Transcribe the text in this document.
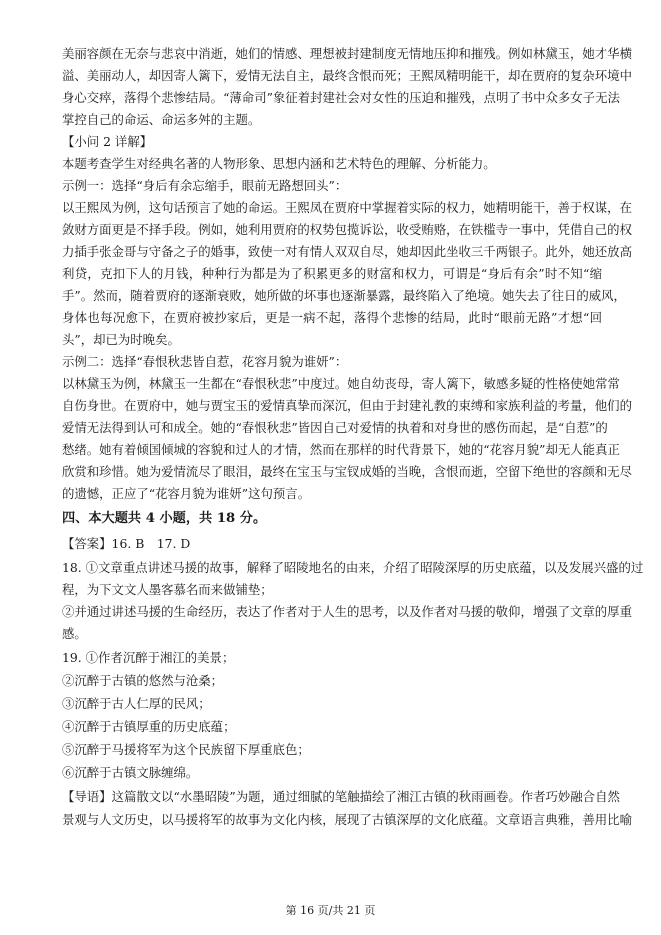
美丽容颜在无奈与悲哀中消逝，她们的情感、理想被封建制度无情地压抑和摧残。例如林黛玉，她才华横
溢、美丽动人，却因寄人篱下，爱情无法自主，最终含恨而死；王熙凤精明能干，却在贾府的复杂环境中
身心交瘁，落得个悲惨结局。“薄命司”象征着封建社会对女性的压迫和摧残，点明了书中众多女子无法
掌控自己的命运、命运多舛的主题。
【小问 2 详解】
本题考查学生对经典名著的人物形象、思想内涵和艺术特色的理解、分析能力。
示例一：选择“身后有余忘缩手，眼前无路想回头”：
以王熙凤为例，这句话预言了她的命运。王熙凤在贾府中掌握着实际的权力，她精明能干，善于权谋，在
敛财方面更是不择手段。例如，她利用贾府的权势包揽诉讼，收受贿赂，在铁槛寺一事中，凭借自己的权
力插手张金哥与守备之子的婚事，致使一对有情人双双自尽，她却因此坐收三千两银子。此外，她还放高
利贷，克扣下人的月钱，种种行为都是为了积累更多的财富和权力，可谓是“身后有余”时不知“缩
手”。然而，随着贾府的逐渐衰败，她所做的坏事也逐渐暴露，最终陷入了绝境。她失去了往日的威风，
身体也每况愈下，在贾府被抄家后，更是一病不起，落得个悲惨的结局，此时“眼前无路”才想“回
头”，却已为时晚矣。
示例二：选择“春恨秋悲皆自惹，花容月貌为谁妍”：
以林黛玉为例，林黛玉一生都在“春恨秋悲”中度过。她自幼丧母，寄人篱下，敏感多疑的性格使她常常
自伤身世。在贾府中，她与贾宝玉的爱情真挚而深沉，但由于封建礼教的束缚和家族利益的考量，他们的
爱情无法得到认可和成全。她的“春恨秋悲”皆因自己对爱情的执着和对身世的感伤而起，是“自惹”的
愁绪。她有着倾国倾城的容貌和过人的才情，然而在那样的时代背景下，她的“花容月貌”却无人能真正
欣赏和珍惜。她为爱情流尽了眼泪，最终在宝玉与宝钗成婚的当晚，含恨而逝，空留下绝世的容颜和无尽
的遗憾，正应了“花容月貌为谁妍”这句预言。
四、本大题共 4 小题，共 18 分。
【答案】16. B　17. D
18. ①文章重点讲述马援的故事，解释了昭陵地名的由来，介绍了昭陵深厚的历史底蕴，以及发展兴盛的过
程，为下文文人墨客慕名而来做铺垫；
②并通过讲述马援的生命经历，表达了作者对于人生的思考，以及作者对马援的敬仰，增强了文章的厚重
感。
19. ①作者沉醉于湘江的美景；
②沉醉于古镇的悠然与沧桑；
③沉醉于古人仁厚的民风；
④沉醉于古镇厚重的历史底蕴；
⑤沉醉于马援将军为这个民族留下厚重底色；
⑥沉醉于古镇文脉缠绵。
【导语】这篇散文以“水墨昭陵”为题，通过细腻的笔触描绘了湘江古镇的秋雨画卷。作者巧妙融合自然
景观与人文历史，以马援将军的故事为文化内核，展现了古镇深厚的文化底蕴。文章语言典雅，善用比喻
第 16 页/共 21 页
